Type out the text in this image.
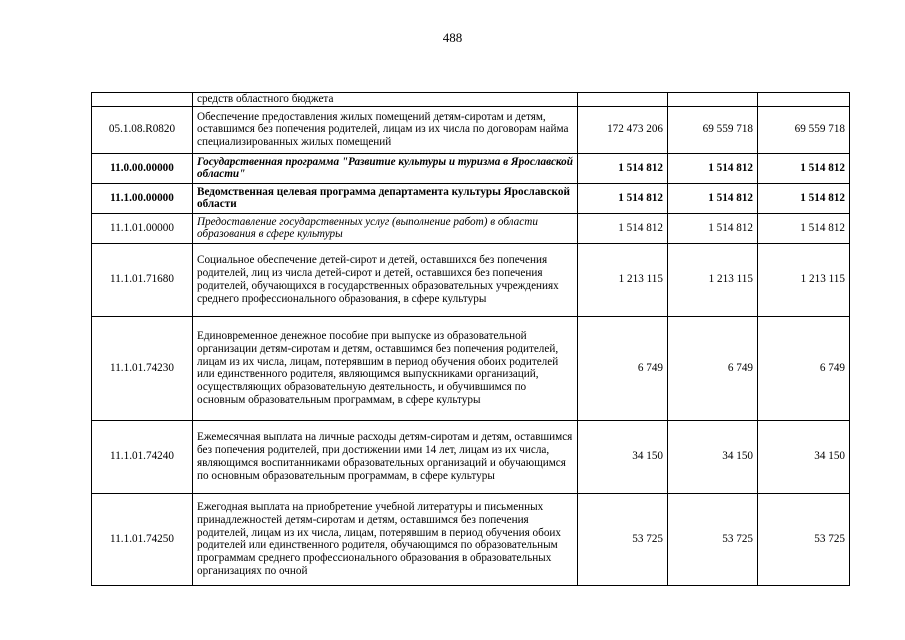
488
	средств областного бюджета			
05.1.08.R0820	Обеспечение предоставления жилых помещений детям-сиротам и детям, оставшимся без попечения родителей, лицам из их числа по договорам найма специализированных жилых помещений	172 473 206	69 559 718	69 559 718
11.0.00.00000	Государственная программа "Развитие культуры и туризма в Ярославской области"	1 514 812	1 514 812	1 514 812
11.1.00.00000	Ведомственная целевая программа департамента культуры Ярославской области	1 514 812	1 514 812	1 514 812
11.1.01.00000	Предоставление государственных услуг (выполнение работ) в области образования в сфере культуры	1 514 812	1 514 812	1 514 812
11.1.01.71680	Социальное обеспечение детей-сирот и детей, оставшихся без попечения родителей, лиц из числа детей-сирот и детей, оставшихся без попечения родителей, обучающихся в государственных образовательных учреждениях среднего профессионального образования, в сфере культуры	1 213 115	1 213 115	1 213 115
11.1.01.74230	Единовременное денежное пособие при выпуске из образовательной организации детям-сиротам и детям, оставшимся без попечения родителей, лицам из их числа, лицам, потерявшим в период обучения обоих родителей или единственного родителя, являющимся выпускниками организаций, осуществляющих образовательную деятельность, и обучившимся по основным образовательным программам, в сфере культуры	6 749	6 749	6 749
11.1.01.74240	Ежемесячная выплата на личные расходы детям-сиротам и детям, оставшимся без попечения родителей, при достижении ими 14 лет, лицам из их числа, являющимся воспитанниками образовательных организаций и обучающимся по основным образовательным программам, в сфере культуры	34 150	34 150	34 150
11.1.01.74250	Ежегодная выплата на приобретение учебной литературы и письменных принадлежностей детям-сиротам и детям, оставшимся без попечения родителей, лицам из их числа, лицам, потерявшим в период обучения обоих родителей или единственного родителя, обучающимся по образовательным программам среднего профессионального образования в образовательных организациях по очной	53 725	53 725	53 725
